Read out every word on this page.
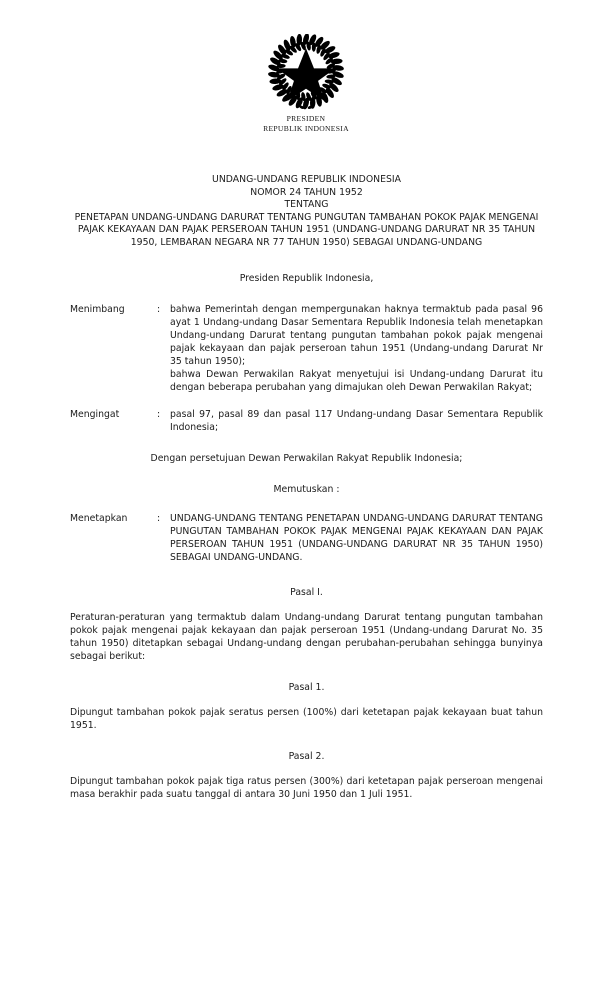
PRESIDEN
REPUBLIK INDONESIA
UNDANG-UNDANG REPUBLIK INDONESIA
NOMOR 24 TAHUN 1952
TENTANG
PENETAPAN UNDANG-UNDANG DARURAT TENTANG PUNGUTAN TAMBAHAN POKOK PAJAK MENGENAI PAJAK KEKAYAAN DAN PAJAK PERSEROAN TAHUN 1951 (UNDANG-UNDANG DARURAT NR 35 TAHUN 1950, LEMBARAN NEGARA NR 77 TAHUN 1950) SEBAGAI UNDANG-UNDANG
Presiden Republik Indonesia,
Menimbang	:	bahwa Pemerintah dengan mempergunakan haknya termaktub pada pasal 96 ayat 1 Undang-undang Dasar Sementara Republik Indonesia telah menetapkan Undang-undang Darurat tentang pungutan tambahan pokok pajak mengenai pajak kekayaan dan pajak perseroan tahun 1951 (Undang-undang Darurat Nr 35 tahun 1950);

bahwa Dewan Perwakilan Rakyat menyetujui isi Undang-undang Darurat itu dengan beberapa perubahan yang dimajukan oleh Dewan Perwakilan Rakyat;

Mengingat	:	pasal 97, pasal 89 dan pasal 117 Undang-undang Dasar Sementara Republik Indonesia;

Dengan persetujuan Dewan Perwakilan Rakyat Republik Indonesia;
Memutuskan :
Menetapkan	:	UNDANG-UNDANG TENTANG PENETAPAN UNDANG-UNDANG DARURAT TENTANG PUNGUTAN TAMBAHAN POKOK PAJAK MENGENAI PAJAK KEKAYAAN DAN PAJAK PERSEROAN TAHUN 1951 (UNDANG-UNDANG DARURAT NR 35 TAHUN 1950) SEBAGAI UNDANG-UNDANG.

Pasal I.

Peraturan-peraturan yang termaktub dalam Undang-undang Darurat tentang pungutan tambahan pokok pajak mengenai pajak kekayaan dan pajak perseroan 1951 (Undang-undang Darurat No. 35 tahun 1950) ditetapkan sebagai Undang-undang dengan perubahan-perubahan sehingga bunyinya sebagai berikut:

Pasal 1.

Dipungut tambahan pokok pajak seratus persen (100%) dari ketetapan pajak kekayaan buat tahun 1951.

Pasal 2.

Dipungut tambahan pokok pajak tiga ratus persen (300%) dari ketetapan pajak perseroan mengenai masa berakhir pada suatu tanggal di antara 30 Juni 1950 dan 1 Juli 1951.
